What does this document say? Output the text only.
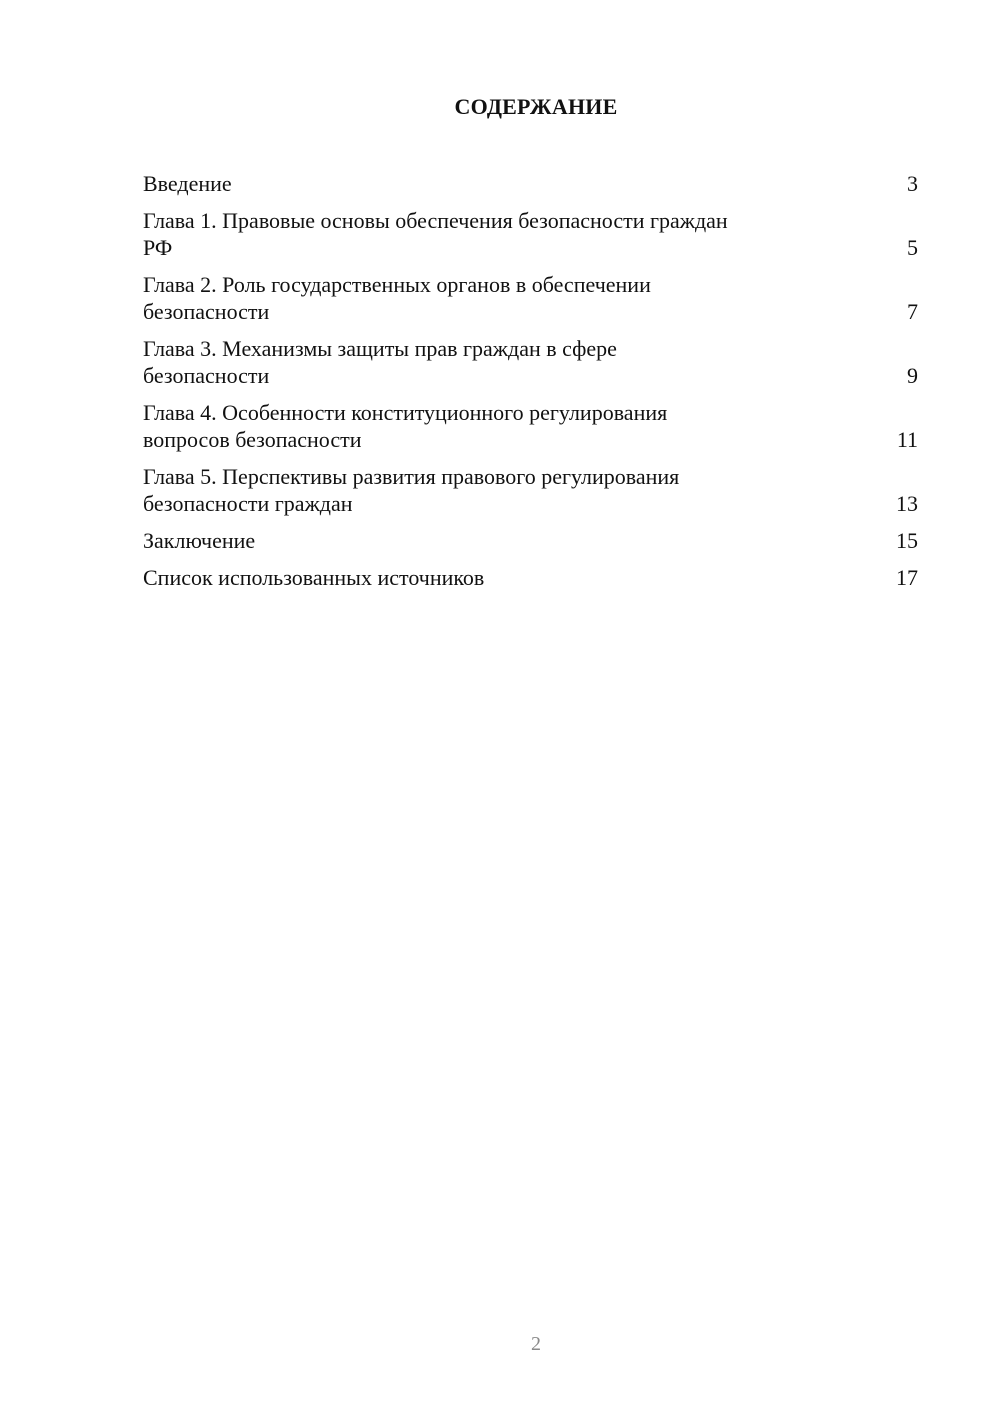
СОДЕРЖАНИЕ
Введение	3
Глава 1. Правовые основы обеспечения безопасности граждан
РФ	5
Глава 2. Роль государственных органов в обеспечении
безопасности	7
Глава 3. Механизмы защиты прав граждан в сфере
безопасности	9
Глава 4. Особенности конституционного регулирования
вопросов безопасности	11
Глава 5. Перспективы развития правового регулирования
безопасности граждан	13
Заключение	15
Список использованных источников	17
2
